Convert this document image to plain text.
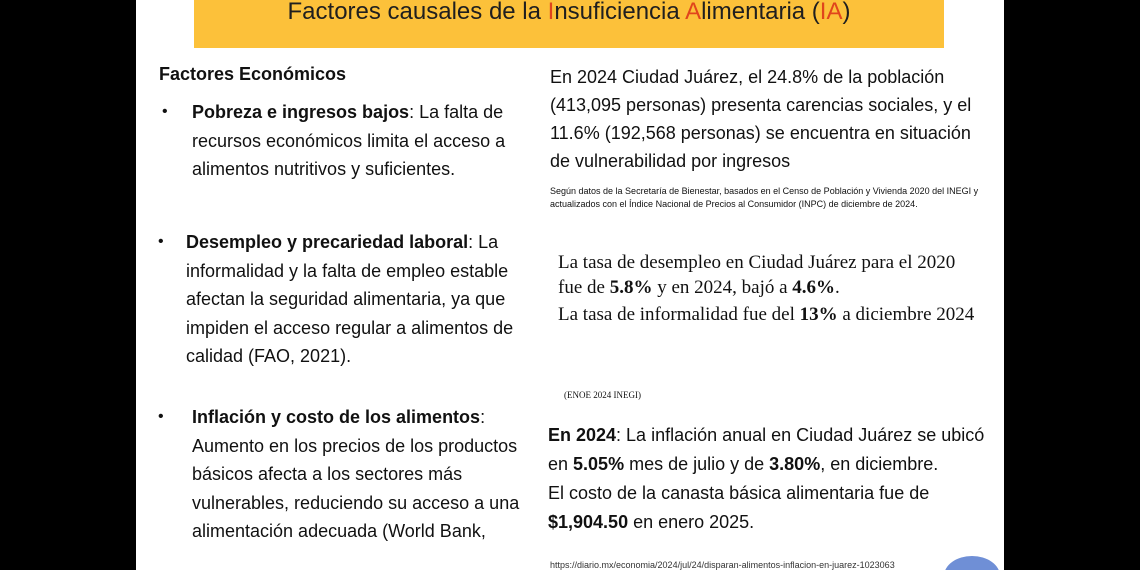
Factores causales de la Insuficiencia Alimentaria (IA)
Factores Económicos
• Pobreza e ingresos bajos: La falta de recursos económicos limita el acceso a alimentos nutritivos y suficientes.
• Desempleo y precariedad laboral: La informalidad y la falta de empleo estable afectan la seguridad alimentaria, ya que impiden el acceso regular a alimentos de calidad (FAO, 2021).
• Inflación y costo de los alimentos: Aumento en los precios de los productos básicos afecta a los sectores más vulnerables, reduciendo su acceso a una alimentación adecuada (World Bank,
En 2024 Ciudad Juárez, el 24.8% de la población (413,095 personas) presenta carencias sociales, y el 11.6% (192,568 personas) se encuentra en situación de vulnerabilidad por ingresos
Según datos de la Secretaría de Bienestar, basados en el Censo de Población y Vivienda 2020 del INEGI y actualizados con el Índice Nacional de Precios al Consumidor (INPC) de diciembre de 2024.

La tasa de desempleo en Ciudad Juárez para el 2020 fue de 5.8% y en 2024, bajó a 4.6%.

La tasa de informalidad fue del 13% a diciembre 2024

(ENOE 2024 INEGI)

En 2024: La inflación anual en Ciudad Juárez se ubicó en 5.05% mes de julio y de 3.80%, en diciembre.

El costo de la canasta básica alimentaria fue de $1,904.50 en enero 2025.

https://diario.mx/economia/2024/jul/24/disparan-alimentos-inflacion-en-juarez-1023063
